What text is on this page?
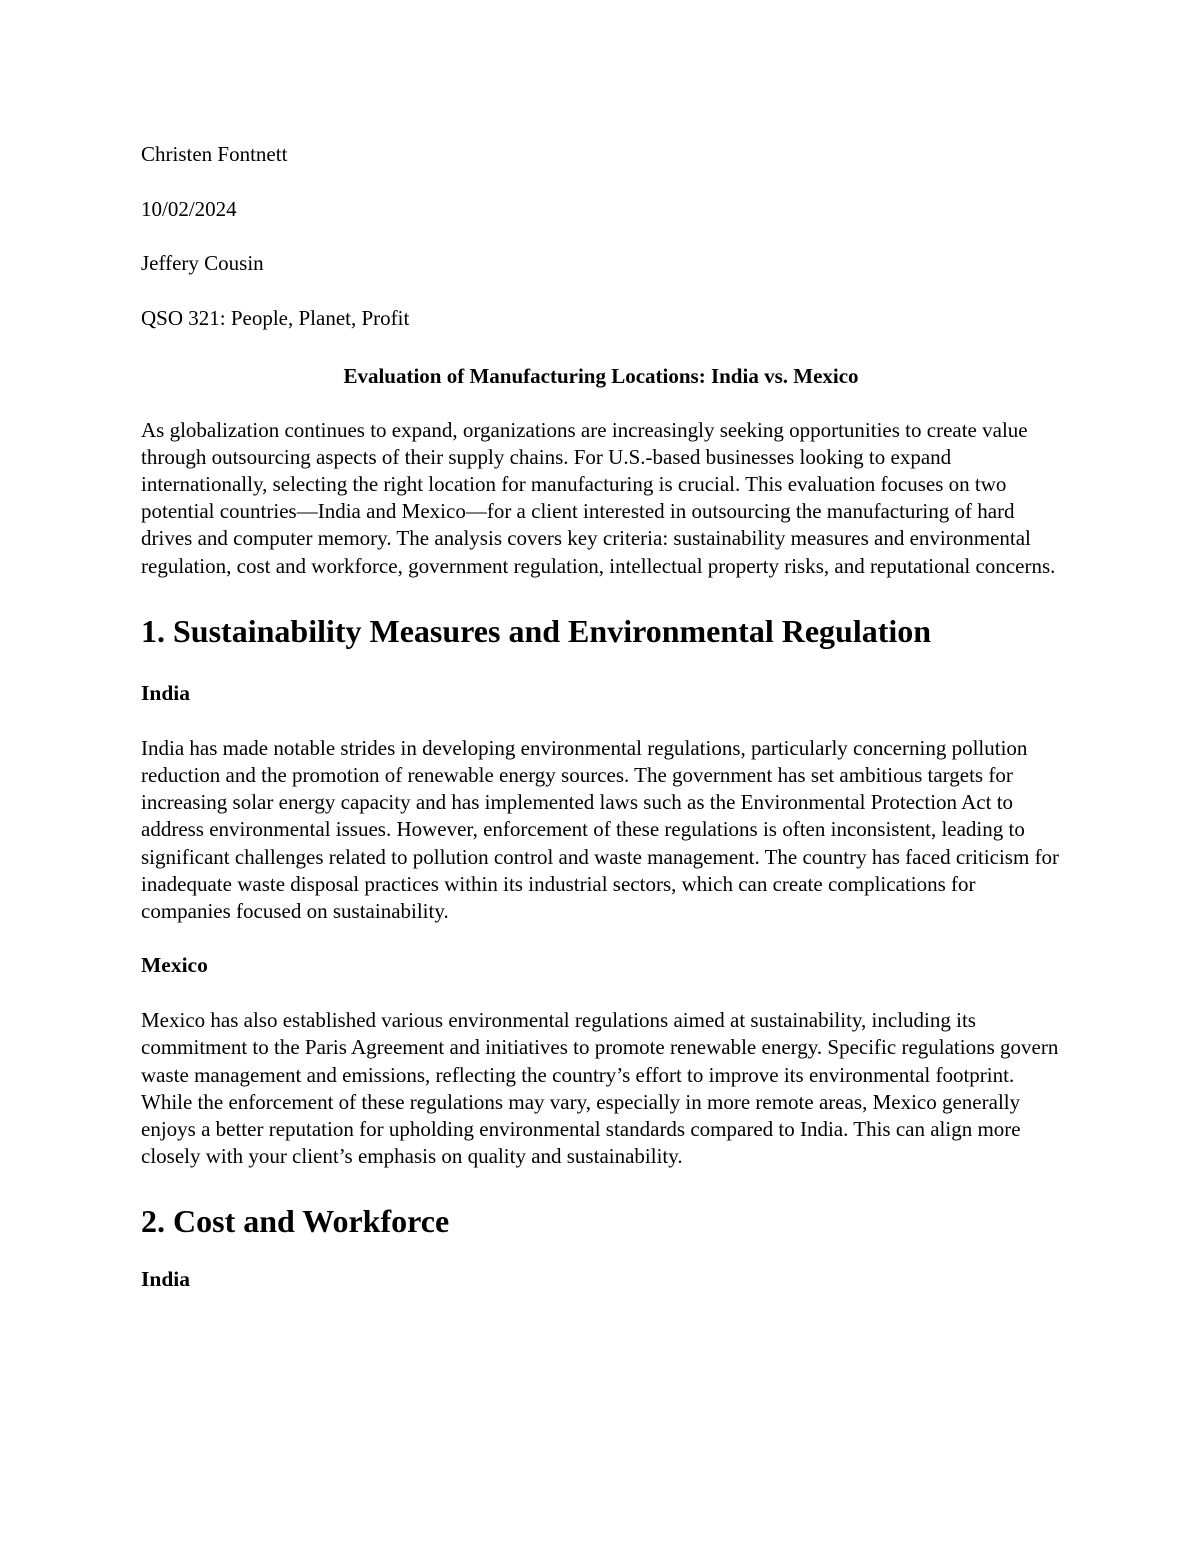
Christen Fontnett

10/02/2024

Jeffery Cousin

QSO 321: People, Planet, Profit

Evaluation of Manufacturing Locations: India vs. Mexico

As globalization continues to expand, organizations are increasingly seeking opportunities to create value through outsourcing aspects of their supply chains. For U.S.-based businesses looking to expand internationally, selecting the right location for manufacturing is crucial. This evaluation focuses on two potential countries—India and Mexico—for a client interested in outsourcing the manufacturing of hard drives and computer memory. The analysis covers key criteria: sustainability measures and environmental regulation, cost and workforce, government regulation, intellectual property risks, and reputational concerns.

1. Sustainability Measures and Environmental Regulation

India

India has made notable strides in developing environmental regulations, particularly concerning pollution reduction and the promotion of renewable energy sources. The government has set ambitious targets for increasing solar energy capacity and has implemented laws such as the Environmental Protection Act to address environmental issues. However, enforcement of these regulations is often inconsistent, leading to significant challenges related to pollution control and waste management. The country has faced criticism for inadequate waste disposal practices within its industrial sectors, which can create complications for companies focused on sustainability.

Mexico

Mexico has also established various environmental regulations aimed at sustainability, including its commitment to the Paris Agreement and initiatives to promote renewable energy. Specific regulations govern waste management and emissions, reflecting the country’s effort to improve its environmental footprint. While the enforcement of these regulations may vary, especially in more remote areas, Mexico generally enjoys a better reputation for upholding environmental standards compared to India. This can align more closely with your client’s emphasis on quality and sustainability.

2. Cost and Workforce

India
